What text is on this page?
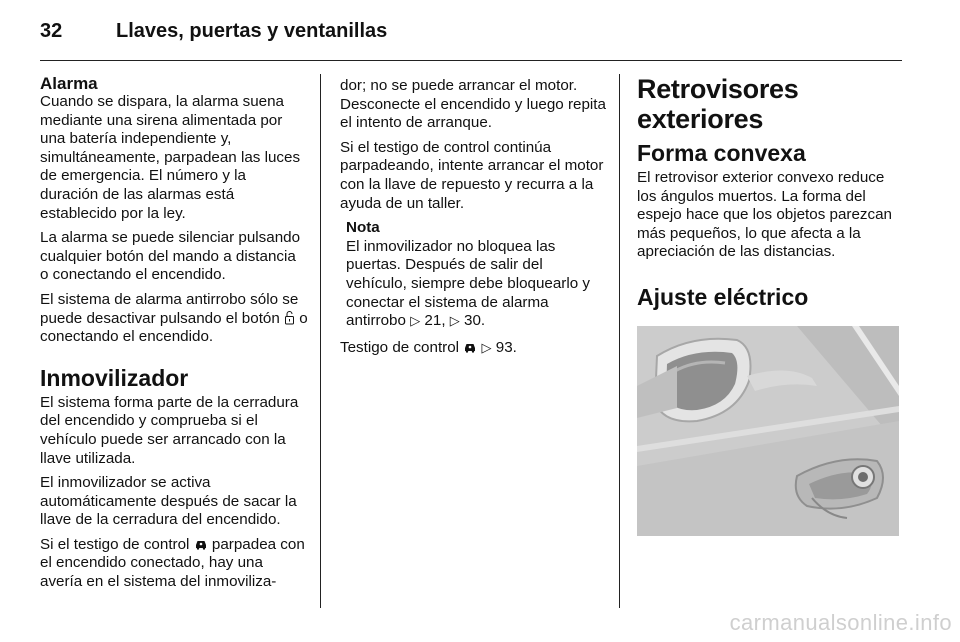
32	Llaves, puertas y ventanillas
Alarma

Cuando se dispara, la alarma suena mediante una sirena alimentada por una batería independiente y, simultáneamente, parpadean las luces de emergencia. El número y la duración de las alarmas está establecido por la ley.

La alarma se puede silenciar pulsando cualquier botón del mando a distancia o conectando el encendido.

El sistema de alarma antirrobo sólo se puede desactivar pulsando el botón o conectando el encendido.

Inmovilizador

El sistema forma parte de la cerradura del encendido y comprueba si el vehículo puede ser arrancado con la llave utilizada.

El inmovilizador se activa automáticamente después de sacar la llave de la cerradura del encendido.

Si el testigo de control parpadea con el encendido conectado, hay una avería en el sistema del inmoviliza-

dor; no se puede arrancar el motor. Desconecte el encendido y luego repita el intento de arranque.

Si el testigo de control continúa parpadeando, intente arrancar el motor con la llave de repuesto y recurra a la ayuda de un taller.

Nota

El inmovilizador no bloquea las puertas. Después de salir del vehículo, siempre debe bloquearlo y conectar el sistema de alarma antirrobo ▷ 21, ▷ 30.

Testigo de control ▷ 93.

Retrovisores exteriores
Forma convexa

El retrovisor exterior convexo reduce los ángulos muertos. La forma del espejo hace que los objetos parezcan más pequeños, lo que afecta a la apreciación de las distancias.

Ajuste eléctrico
carmanualsonline.info
